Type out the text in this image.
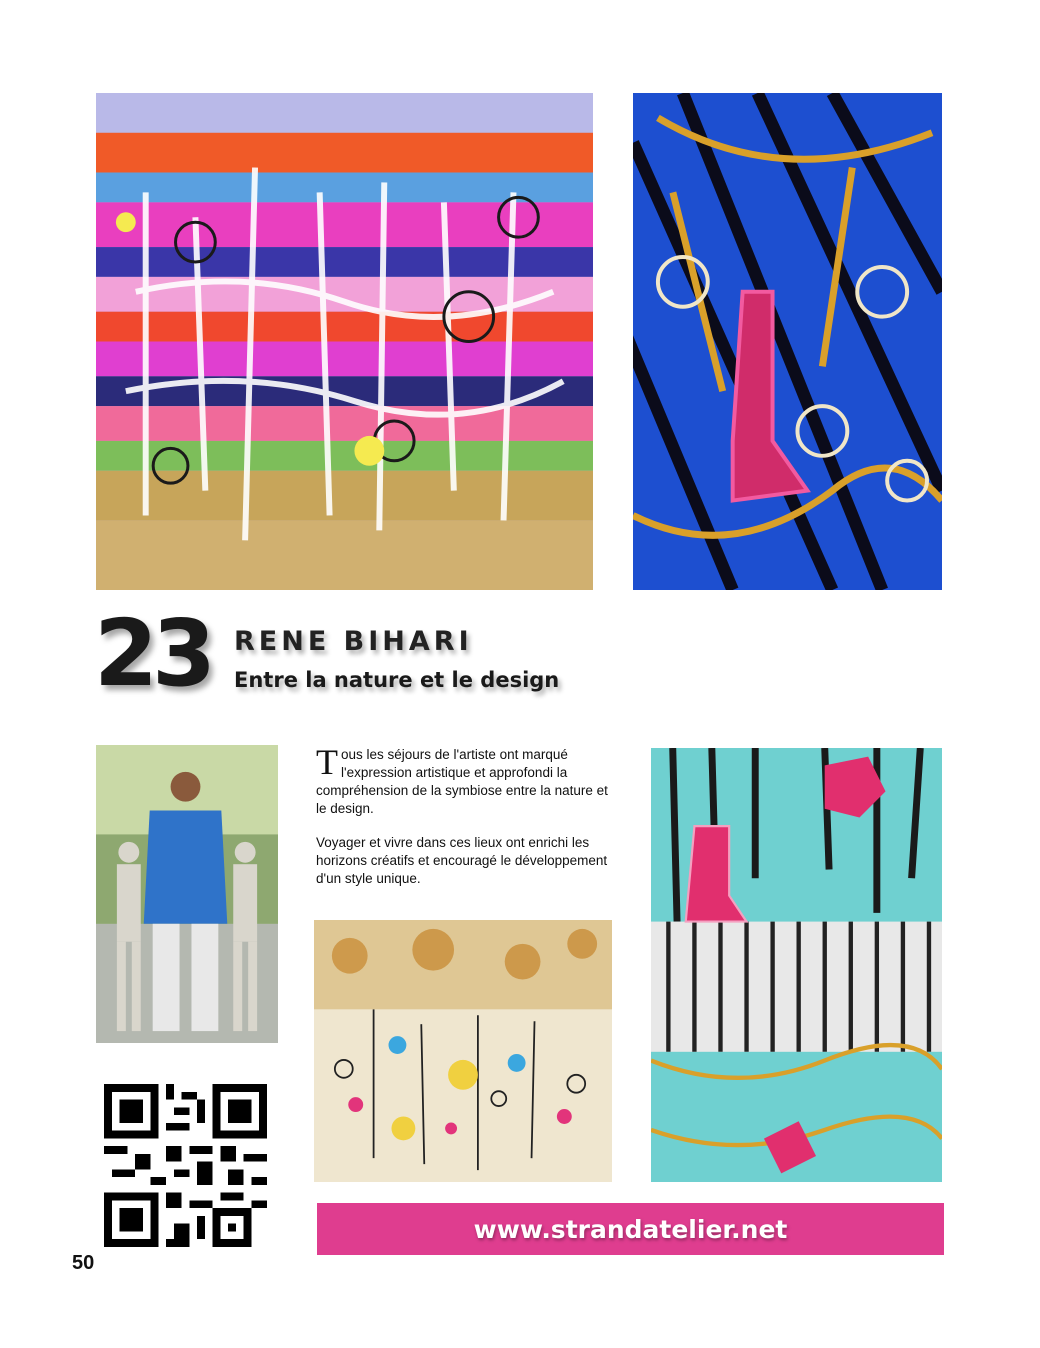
23 RENE BIHARI
Entre la nature et le design

Tous les séjours de l'artiste ont marqué l'expression artistique et approfondi la compréhension de la symbiose entre la nature et le design.

Voyager et vivre dans ces lieux ont enrichi les horizons créatifs et encouragé le développement d'un style unique.

www.strandatelier.net
50
